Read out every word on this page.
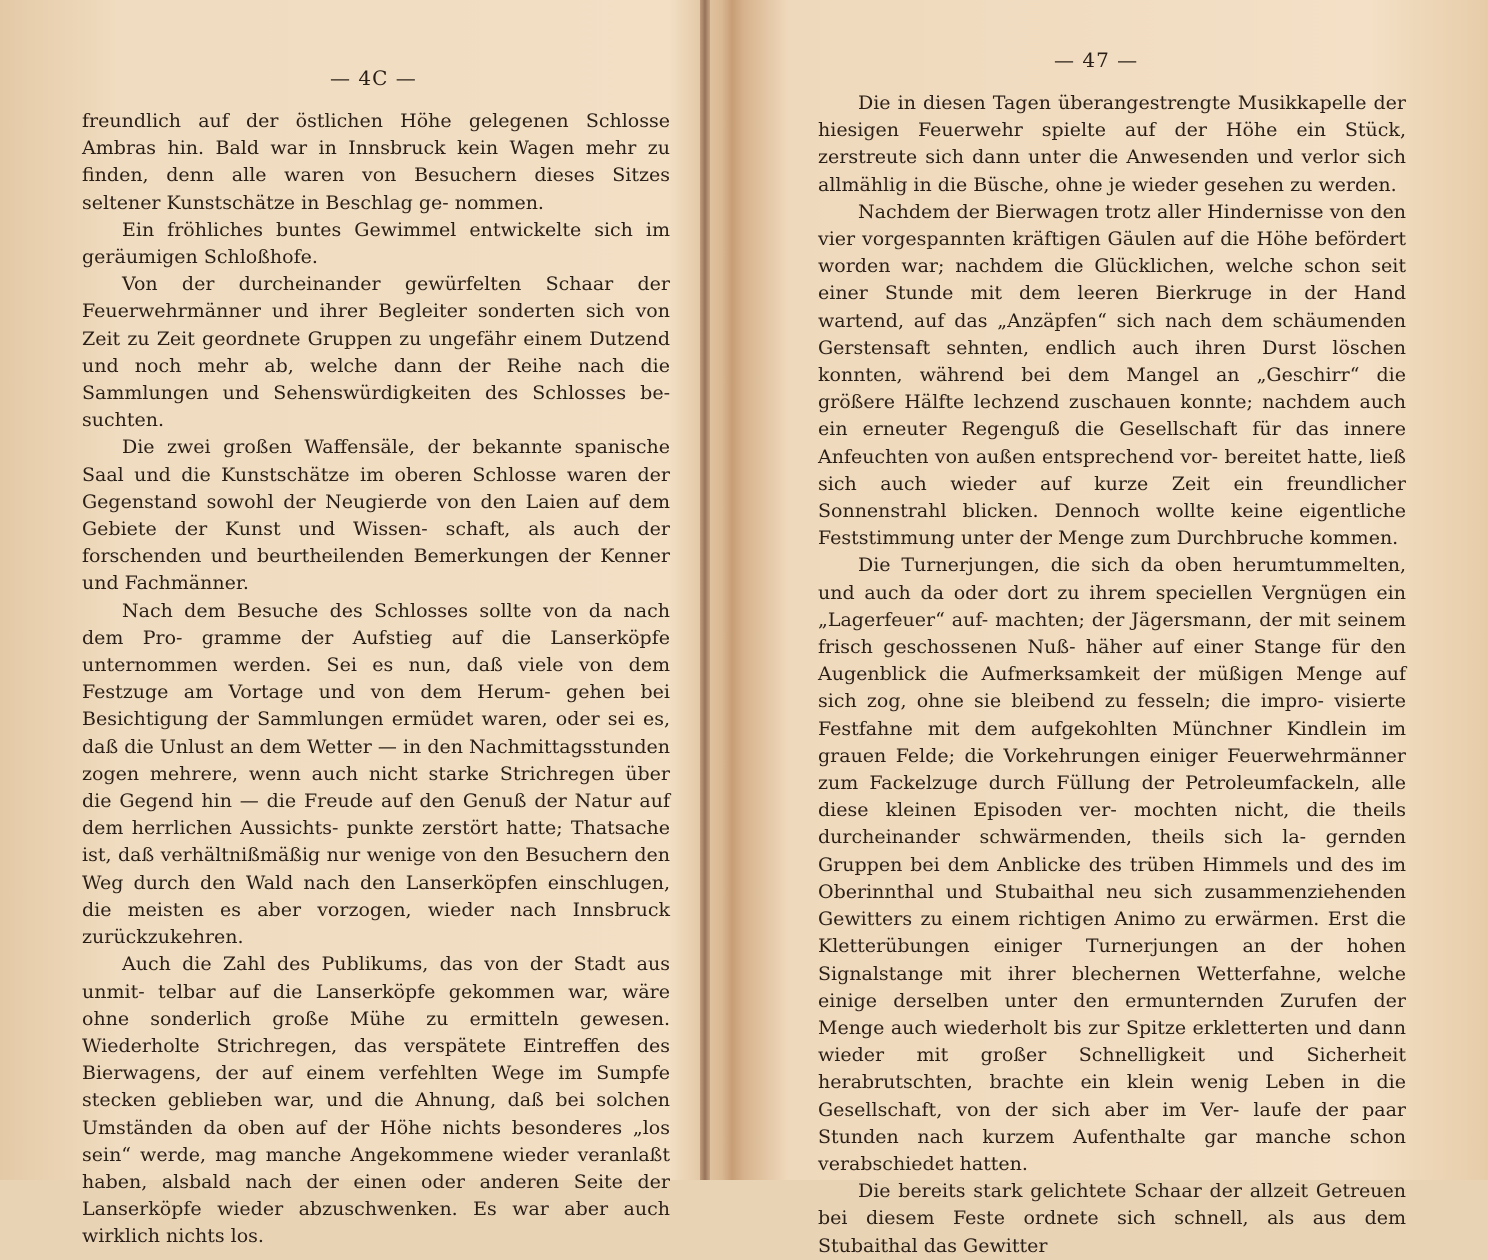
— 4C —

freundlich auf der östlichen Höhe gelegenen Schlosse Ambras hin. Bald war in Innsbruck kein Wagen mehr zu finden, denn alle waren von Besuchern dieses Sitzes seltener Kunstschätze in Beschlag ge- nommen.

Ein fröhliches buntes Gewimmel entwickelte sich im geräumigen Schloßhofe.

Von der durcheinander gewürfelten Schaar der Feuerwehrmänner und ihrer Begleiter sonderten sich von Zeit zu Zeit geordnete Gruppen zu ungefähr einem Dutzend und noch mehr ab, welche dann der Reihe nach die Sammlungen und Sehenswürdigkeiten des Schlosses be- suchten.

Die zwei großen Waffensäle, der bekannte spanische Saal und die Kunstschätze im oberen Schlosse waren der Gegenstand sowohl der Neugierde von den Laien auf dem Gebiete der Kunst und Wissen- schaft, als auch der forschenden und beurtheilenden Bemerkungen der Kenner und Fachmänner.

Nach dem Besuche des Schlosses sollte von da nach dem Pro- gramme der Aufstieg auf die Lanserköpfe unternommen werden. Sei es nun, daß viele von dem Festzuge am Vortage und von dem Herum- gehen bei Besichtigung der Sammlungen ermüdet waren, oder sei es, daß die Unlust an dem Wetter — in den Nachmittagsstunden zogen mehrere, wenn auch nicht starke Strichregen über die Gegend hin — die Freude auf den Genuß der Natur auf dem herrlichen Aussichts- punkte zerstört hatte; Thatsache ist, daß verhältnißmäßig nur wenige von den Besuchern den Weg durch den Wald nach den Lanserköpfen einschlugen, die meisten es aber vorzogen, wieder nach Innsbruck zurückzukehren.

Auch die Zahl des Publikums, das von der Stadt aus unmit- telbar auf die Lanserköpfe gekommen war, wäre ohne sonderlich große Mühe zu ermitteln gewesen. Wiederholte Strichregen, das verspätete Eintreffen des Bierwagens, der auf einem verfehlten Wege im Sumpfe stecken geblieben war, und die Ahnung, daß bei solchen Umständen da oben auf der Höhe nichts besonderes „los sein“ werde, mag manche Angekommene wieder veranlaßt haben, alsbald nach der einen oder anderen Seite der Lanserköpfe wieder abzuschwenken. Es war aber auch wirklich nichts los.

— 47 —

Die in diesen Tagen überangestrengte Musikkapelle der hiesigen Feuerwehr spielte auf der Höhe ein Stück, zerstreute sich dann unter die Anwesenden und verlor sich allmählig in die Büsche, ohne je wieder gesehen zu werden.

Nachdem der Bierwagen trotz aller Hindernisse von den vier vorgespannten kräftigen Gäulen auf die Höhe befördert worden war; nachdem die Glücklichen, welche schon seit einer Stunde mit dem leeren Bierkruge in der Hand wartend, auf das „Anzäpfen“ sich nach dem schäumenden Gerstensaft sehnten, endlich auch ihren Durst löschen konnten, während bei dem Mangel an „Geschirr“ die größere Hälfte lechzend zuschauen konnte; nachdem auch ein erneuter Regenguß die Gesellschaft für das innere Anfeuchten von außen entsprechend vor- bereitet hatte, ließ sich auch wieder auf kurze Zeit ein freundlicher Sonnenstrahl blicken. Dennoch wollte keine eigentliche Feststimmung unter der Menge zum Durchbruche kommen.

Die Turnerjungen, die sich da oben herumtummelten, und auch da oder dort zu ihrem speciellen Vergnügen ein „Lagerfeuer“ auf- machten; der Jägersmann, der mit seinem frisch geschossenen Nuß- häher auf einer Stange für den Augenblick die Aufmerksamkeit der müßigen Menge auf sich zog, ohne sie bleibend zu fesseln; die impro- visierte Festfahne mit dem aufgekohlten Münchner Kindlein im grauen Felde; die Vorkehrungen einiger Feuerwehrmänner zum Fackelzuge durch Füllung der Petroleumfackeln, alle diese kleinen Episoden ver- mochten nicht, die theils durcheinander schwärmenden, theils sich la- gernden Gruppen bei dem Anblicke des trüben Himmels und des im Oberinnthal und Stubaithal neu sich zusammenziehenden Gewitters zu einem richtigen Animo zu erwärmen. Erst die Kletterübungen einiger Turnerjungen an der hohen Signalstange mit ihrer blechernen Wetterfahne, welche einige derselben unter den ermunternden Zurufen der Menge auch wiederholt bis zur Spitze erkletterten und dann wieder mit großer Schnelligkeit und Sicherheit herabrutschten, brachte ein klein wenig Leben in die Gesellschaft, von der sich aber im Ver- laufe der paar Stunden nach kurzem Aufenthalte gar manche schon verabschiedet hatten.

Die bereits stark gelichtete Schaar der allzeit Getreuen bei diesem Feste ordnete sich schnell, als aus dem Stubaithal das Gewitter
